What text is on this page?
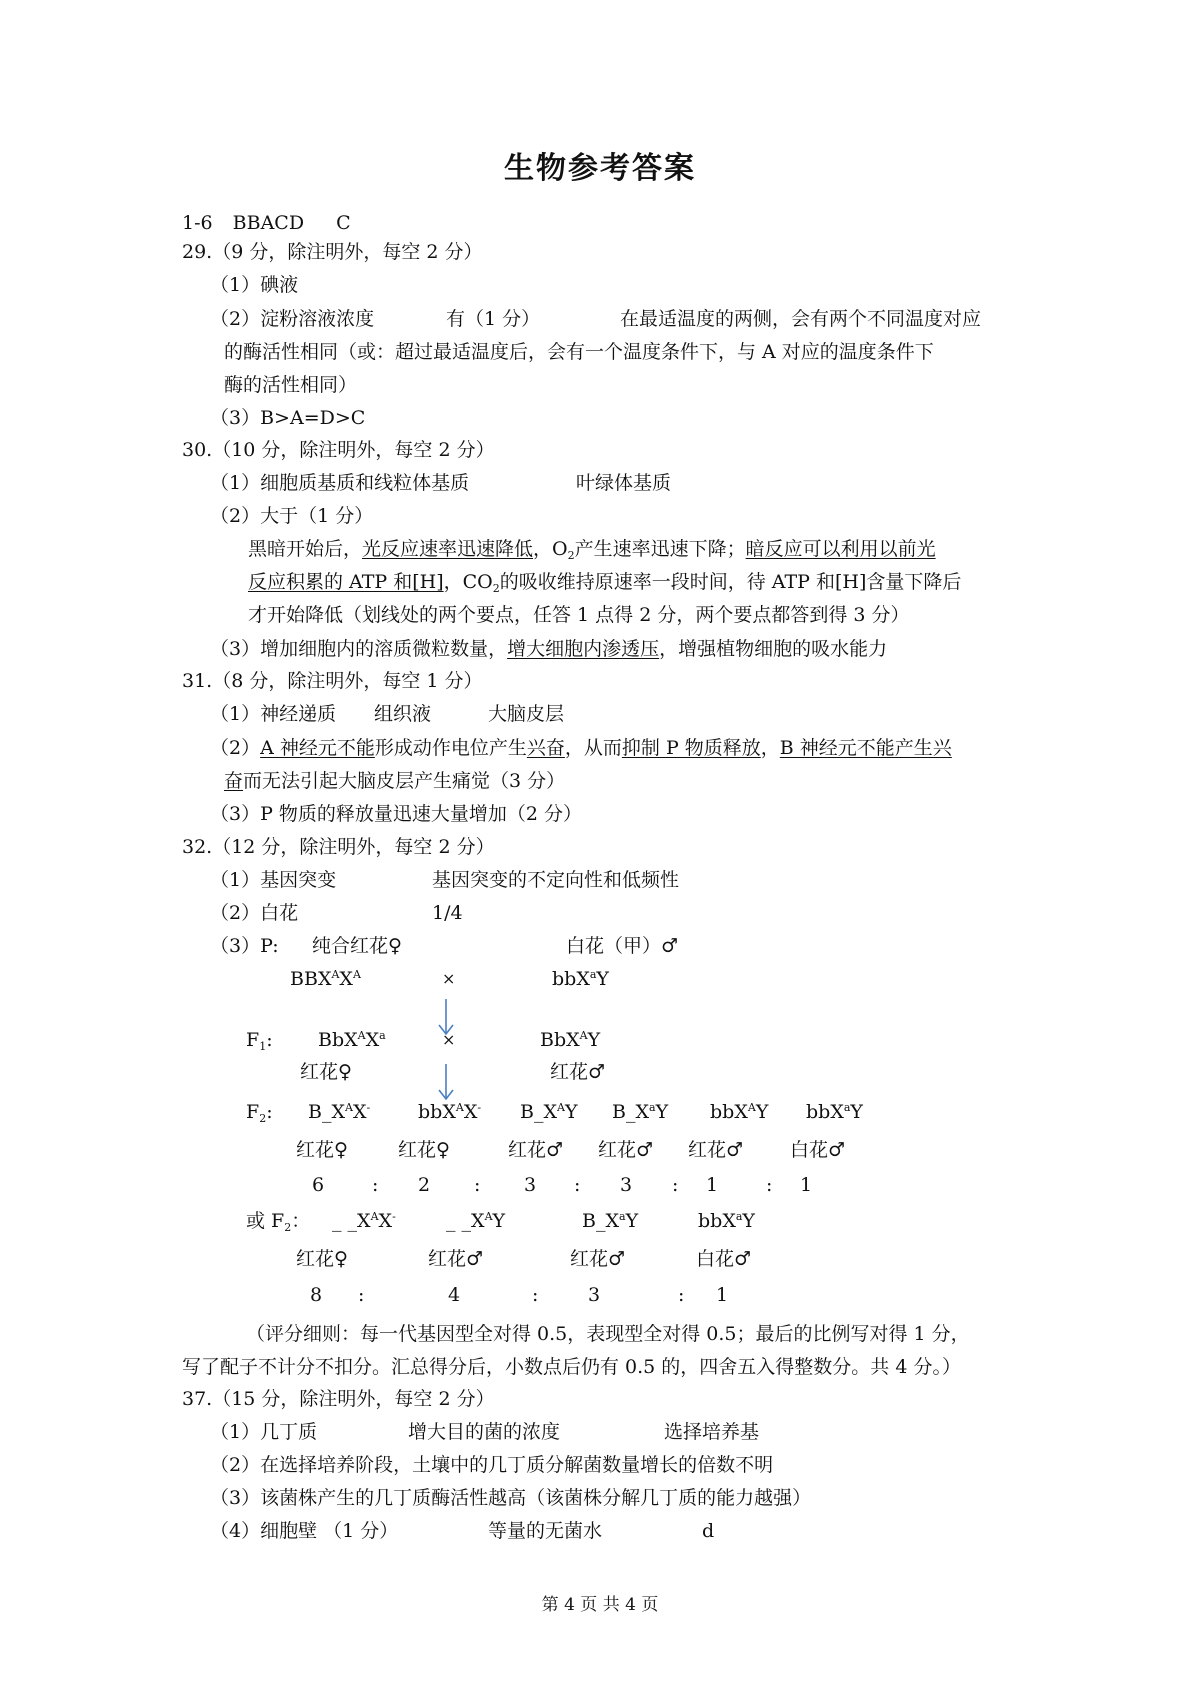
生物参考答案
1-6 BBACD C
29.（9 分，除注明外，每空 2 分）
（1）碘液
（2）淀粉溶液浓度	有（1 分）	在最适温度的两侧，会有两个不同温度对应
的酶活性相同（或：超过最适温度后，会有一个温度条件下，与 A 对应的温度条件下
酶的活性相同）
（3）B>A=D>C
30.（10 分，除注明外，每空 2 分）
（1）细胞质基质和线粒体基质	叶绿体基质
（2）大于（1 分）
黑暗开始后，光反应速率迅速降低，$O_2$产生速率迅速下降；暗反应可以利用以前光
反应积累的 ATP 和[H]，$CO_2$的吸收维持原速率一段时间，待 ATP 和[H]含量下降后
才开始降低（划线处的两个要点，任答 1 点得 2 分，两个要点都答到得 3 分）
（3）增加细胞内的溶质微粒数量，增大细胞内渗透压，增强植物细胞的吸水能力
31.（8 分，除注明外，每空 1 分）
（1）神经递质 组织液	大脑皮层
（2）A 神经元不能形成动作电位产生兴奋，从而抑制 P 物质释放，B 神经元不能产生兴
奋而无法引起大脑皮层产生痛觉（3 分）
（3）P 物质的释放量迅速大量增加（2 分）
32.（12 分，除注明外，每空 2 分）
（1）基因突变	基因突变的不定向性和低频性
（2）白花	1/4
（3）P: 纯合红花♀	白花（甲）♂
$BBX^AX^A$	×	bbX$^a$Y
$F_1$: $BbX^AX^a$	×	BbX$^A$Y
红花♀	红花♂
$F_2$: $B\_X^AX^-$	bbX$^A$X- $B\_X^AY$ $B\_X^aY$ bbX$^A$Y bbX$^a$Y
红花♀	红花♀	红花♂ 红花♂ 红花♂ 白花♂
6	: 2 : 3 : 3 : 1	: 1
或 $F_2$： _ $\_X^AX^-$	_ $\_X^AY$	$B\_X^aY$	bbX$^a$Y
红花♀	红花♂	红花♂	白花♂
8 :	4	:	3	: 1
（评分细则：每一代基因型全对得 0.5，表现型全对得 0.5；最后的比例写对得 1 分，
写了配子不计分不扣分。汇总得分后，小数点后仍有 0.5 的，四舍五入得整数分。共 4 分。）
37.（15 分，除注明外，每空 2 分）
（1）几丁质	增大目的菌的浓度	选择培养基
（2）在选择培养阶段，土壤中的几丁质分解菌数量增长的倍数不明
（3）该菌株产生的几丁质酶活性越高（该菌株分解几丁质的能力越强）
（4）细胞壁 （1 分）	等量的无菌水	d
第 4 页 共 4 页
